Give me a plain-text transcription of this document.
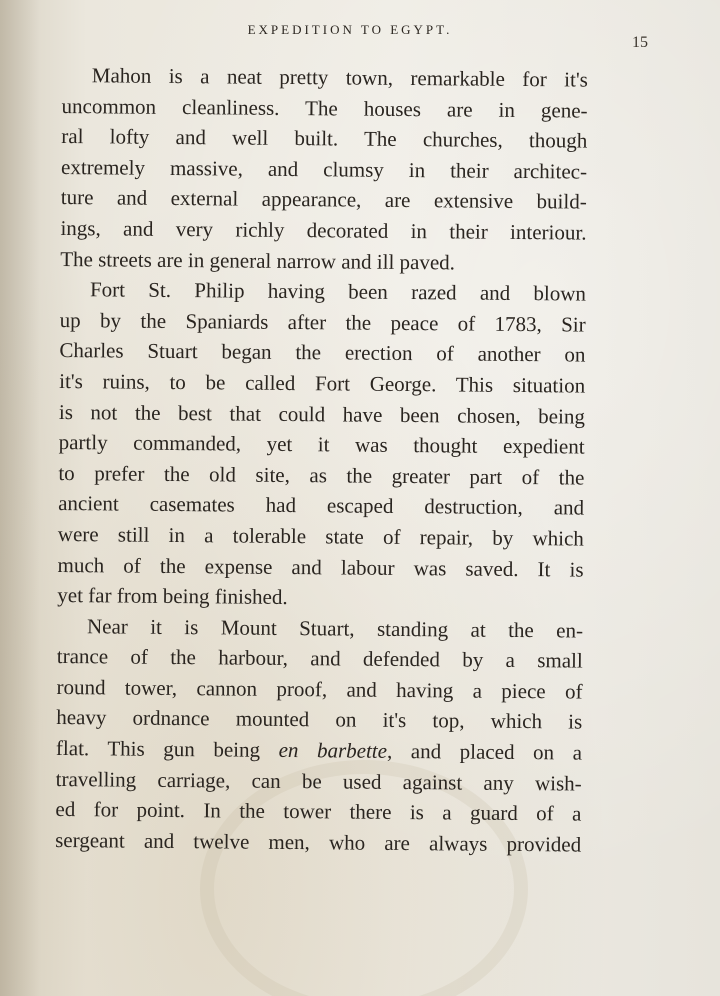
EXPEDITION TO EGYPT.
15
Mahon is a neat pretty town, remarkable for it's
uncommon cleanliness. The houses are in gene-
ral lofty and well built. The churches, though
extremely massive, and clumsy in their architec-
ture and external appearance, are extensive build-
ings, and very richly decorated in their interiour.
The streets are in general narrow and ill paved.
Fort St. Philip having been razed and blown
up by the Spaniards after the peace of 1783, Sir
Charles Stuart began the erection of another on
it's ruins, to be called Fort George. This situation
is not the best that could have been chosen, being
partly commanded, yet it was thought expedient
to prefer the old site, as the greater part of the
ancient casemates had escaped destruction, and
were still in a tolerable state of repair, by which
much of the expense and labour was saved. It is
yet far from being finished.
Near it is Mount Stuart, standing at the en-
trance of the harbour, and defended by a small
round tower, cannon proof, and having a piece of
heavy ordnance mounted on it's top, which is
flat. This gun being en barbette, and placed on a
travelling carriage, can be used against any wish-
ed for point. In the tower there is a guard of a
sergeant and twelve men, who are always provided
